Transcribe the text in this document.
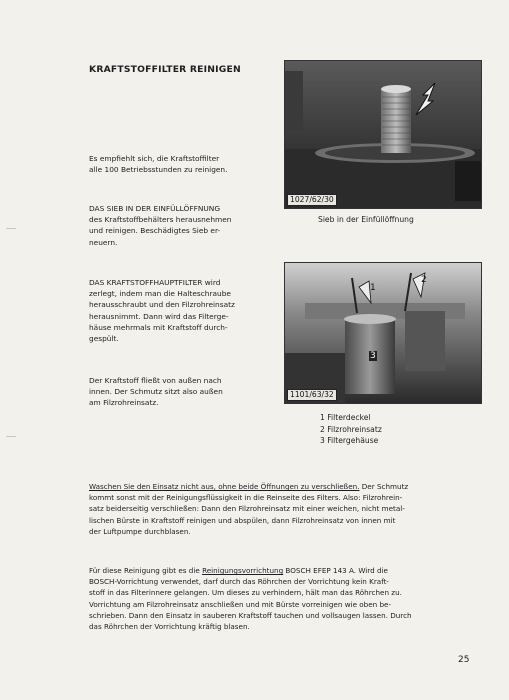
KRAFTSTOFFILTER REINIGEN
Es empfiehlt sich, die Kraftstoffilter
alle 100 Betriebsstunden zu reinigen.
DAS SIEB IN DER EINFÜLLÖFFNUNG
des Kraftstoffbehälters herausnehmen
und reinigen. Beschädigtes Sieb er-
neuern.
DAS KRAFTSTOFFHAUPTFILTER wird
zerlegt, indem man die Halteschraube
herausschraubt und den Filzrohreinsatz
herausnimmt. Dann wird das Filterge-
häuse mehrmals mit Kraftstoff durch-
gespült.
Der Kraftstoff fließt von außen nach
innen. Der Schmutz sitzt also außen
am Filzrohreinsatz.
1027/62/30
Sieb in der Einfüllöffnung
1
2
3
1101/63/32
1 Filterdeckel
2 Filzrohreinsatz
3 Filtergehäuse
Waschen Sie den Einsatz nicht aus, ohne beide Öffnungen zu verschließen. Der Schmutz
kommt sonst mit der Reinigungsflüssigkeit in die Reinseite des Filters. Also: Filzrohrein-
satz beiderseitig verschließen: Dann den Filzrohreinsatz mit einer weichen, nicht metal-
lischen Bürste in Kraftstoff reinigen und abspülen, dann Filzrohreinsatz von innen mit
der Luftpumpe durchblasen.
Für diese Reinigung gibt es die Reinigungsvorrichtung BOSCH EFEP 143 A. Wird die
BOSCH-Vorrichtung verwendet, darf durch das Röhrchen der Vorrichtung kein Kraft-
stoff in das Filterinnere gelangen. Um dieses zu verhindern, hält man das Röhrchen zu.
Vorrichtung am Filzrohreinsatz anschließen und mit Bürste vorreinigen wie oben be-
schrieben. Dann den Einsatz in sauberen Kraftstoff tauchen und vollsaugen lassen. Durch
das Röhrchen der Vorrichtung kräftig blasen.
25
